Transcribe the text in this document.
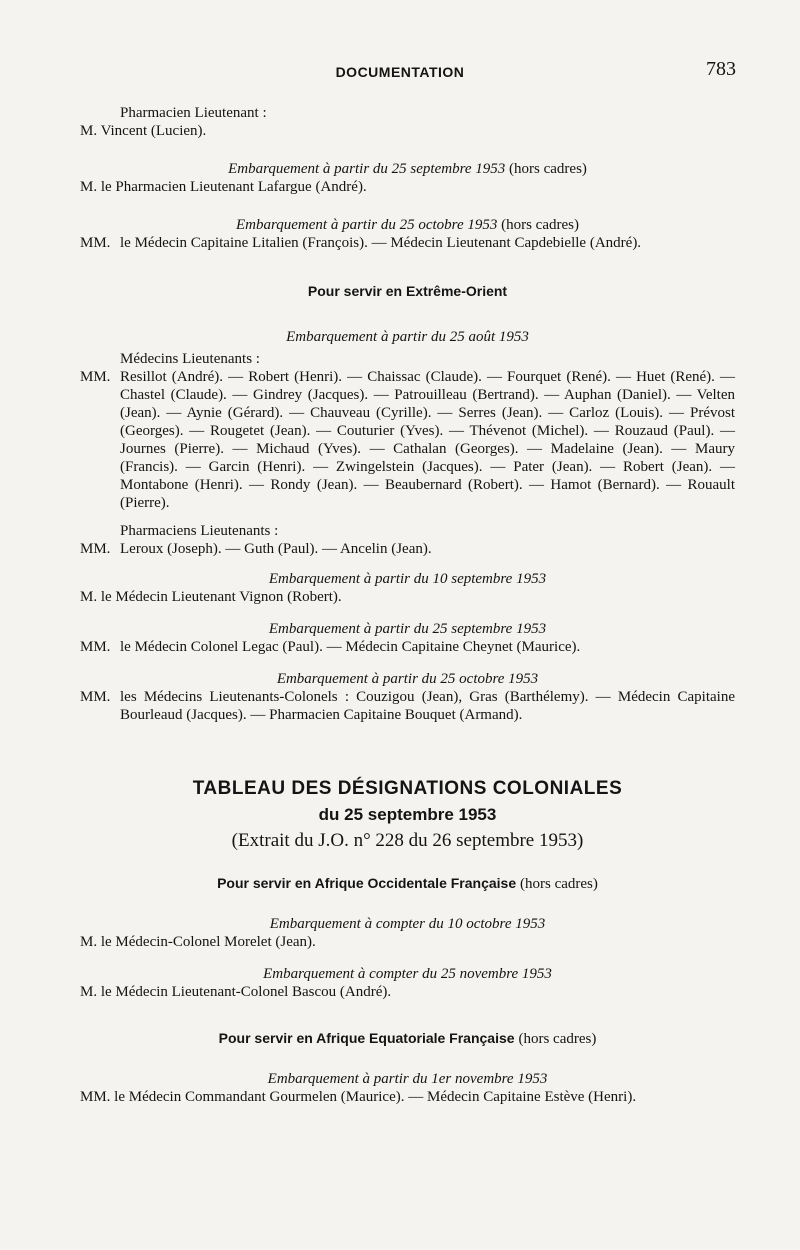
DOCUMENTATION	783
Pharmacien Lieutenant :
M. Vincent (Lucien).
Embarquement à partir du 25 septembre 1953 (hors cadres)
M. le Pharmacien Lieutenant Lafargue (André).
Embarquement à partir du 25 octobre 1953 (hors cadres)
MM. le Médecin Capitaine Litalien (François). — Médecin Lieutenant Capdebielle (André).
Pour servir en Extrême-Orient
Embarquement à partir du 25 août 1953
Médecins Lieutenants :
MM. Resillot (André). — Robert (Henri). — Chaissac (Claude). — Fourquet (René). — Huet (René). — Chastel (Claude). — Gindrey (Jacques). — Patrouilleau (Bertrand). — Auphan (Daniel). — Velten (Jean). — Aynie (Gérard). — Chauveau (Cyrille). — Serres (Jean). — Carloz (Louis). — Prévost (Georges). — Rougetet (Jean). — Couturier (Yves). — Thévenot (Michel). — Rouzaud (Paul). — Journes (Pierre). — Michaud (Yves). — Cathalan (Georges). — Madelaine (Jean). — Maury (Francis). — Garcin (Henri). — Zwingelstein (Jacques). — Pater (Jean). — Robert (Jean). — Montabone (Henri). — Rondy (Jean). — Beaubernard (Robert). — Hamot (Bernard). — Rouault (Pierre).
Pharmaciens Lieutenants :
MM. Leroux (Joseph). — Guth (Paul). — Ancelin (Jean).
Embarquement à partir du 10 septembre 1953
M. le Médecin Lieutenant Vignon (Robert).
Embarquement à partir du 25 septembre 1953
MM. le Médecin Colonel Legac (Paul). — Médecin Capitaine Cheynet (Maurice).
Embarquement à partir du 25 octobre 1953
MM. les Médecins Lieutenants-Colonels : Couzigou (Jean), Gras (Barthélemy). — Médecin Capitaine Bourleaud (Jacques). — Pharmacien Capitaine Bouquet (Armand).
TABLEAU DES DÉSIGNATIONS COLONIALES
du 25 septembre 1953
(Extrait du J.O. n° 228 du 26 septembre 1953)
Pour servir en Afrique Occidentale Française (hors cadres)
Embarquement à compter du 10 octobre 1953
M. le Médecin-Colonel Morelet (Jean).
Embarquement à compter du 25 novembre 1953
M. le Médecin Lieutenant-Colonel Bascou (André).
Pour servir en Afrique Equatoriale Française (hors cadres)
Embarquement à partir du 1er novembre 1953
MM. le Médecin Commandant Gourmelen (Maurice). — Médecin Capitaine Estève (Henri).
